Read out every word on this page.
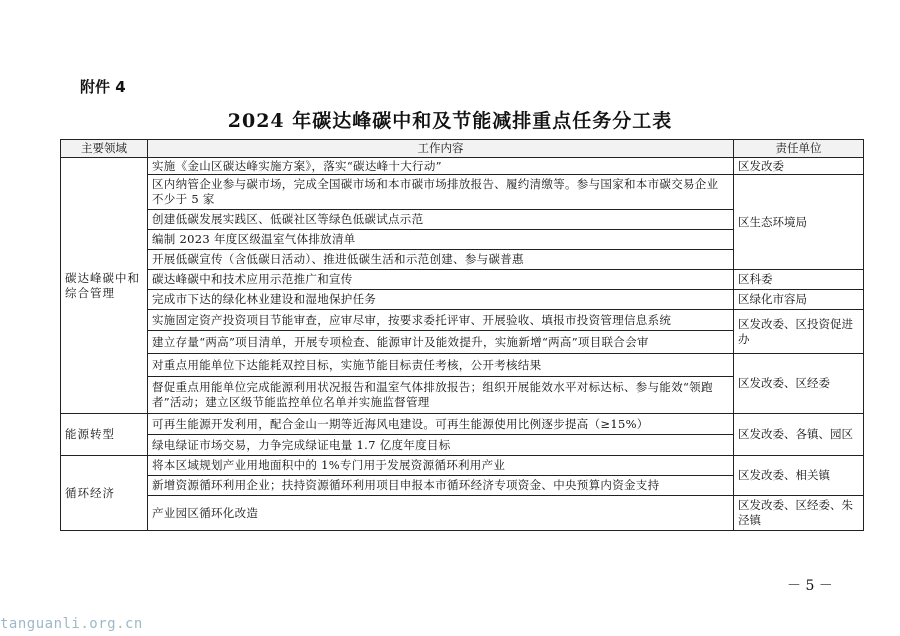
附件 4
2024 年碳达峰碳中和及节能减排重点任务分工表
主要领域	工作内容	责任单位
碳达峰碳中和综合管理	实施《金山区碳达峰实施方案》，落实“碳达峰十大行动”	区发改委
	区内纳管企业参与碳市场，完成全国碳市场和本市碳市场排放报告、履约清缴等。参与国家和本市碳交易企业不少于 5 家	区生态环境局
	创建低碳发展实践区、低碳社区等绿色低碳试点示范	
	编制 2023 年度区级温室气体排放清单	
	开展低碳宣传（含低碳日活动）、推进低碳生活和示范创建、参与碳普惠	
	碳达峰碳中和技术应用示范推广和宣传	区科委
	完成市下达的绿化林业建设和湿地保护任务	区绿化市容局
	实施固定资产投资项目节能审查，应审尽审，按要求委托评审、开展验收、填报市投资管理信息系统	区发改委、区投资促进办
	建立存量“两高”项目清单，开展专项检查、能源审计及能效提升，实施新增“两高”项目联合会审	
	对重点用能单位下达能耗双控目标，实施节能目标责任考核，公开考核结果	区发改委、区经委
	督促重点用能单位完成能源利用状况报告和温室气体排放报告；组织开展能效水平对标达标、参与能效“领跑者”活动；建立区级节能监控单位名单并实施监督管理	
能源转型	可再生能源开发利用，配合金山一期等近海风电建设。可再生能源使用比例逐步提高（≥15%）	区发改委、各镇、园区
	绿电绿证市场交易，力争完成绿证电量 1.7 亿度年度目标	
循环经济	将本区域规划产业用地面积中的 1%专门用于发展资源循环利用产业	区发改委、相关镇
	新增资源循环利用企业；扶持资源循环利用项目申报本市循环经济专项资金、中央预算内资金支持	
	产业园区循环化改造	区发改委、区经委、朱泾镇
－ 5 －
tanguanli.org.cn
